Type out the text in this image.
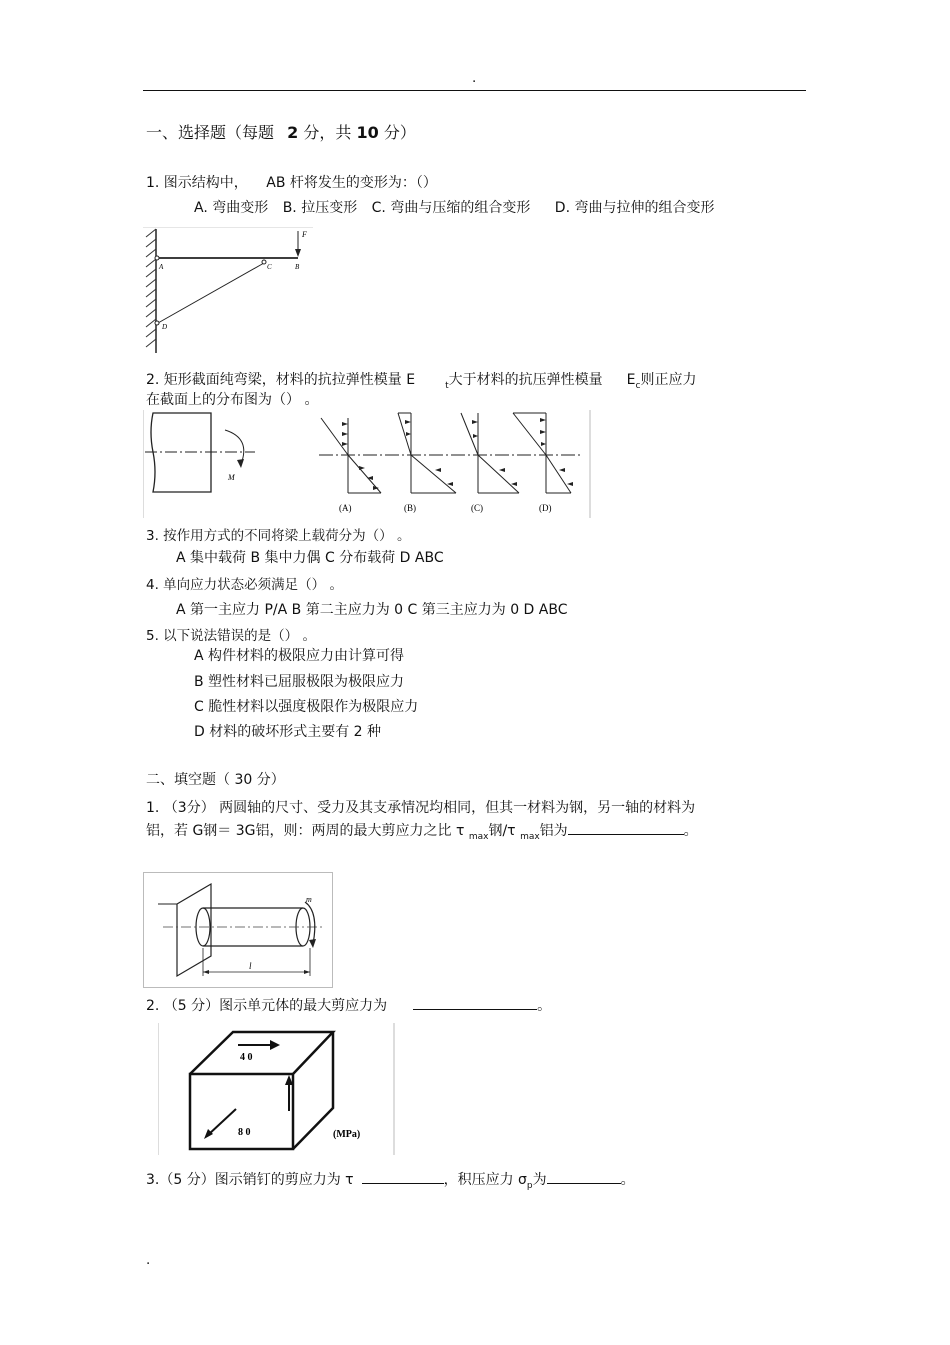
.
一、选择题（每题 2 分，共 10 分）
1. 图示结构中， AB 杆将发生的变形为：（）
A. 弯曲变形 B. 拉压变形 C. 弯曲与压缩的组合变形 D. 弯曲与拉伸的组合变形
F
A	B
C
D
2. 矩形截面纯弯梁，材料的抗拉弹性模量 E	$_t$大于材料的抗压弹性模量 $E_c$则正应力
在截面上的分布图为（） 。
M
(A)	(B)	(C)	(D)
3. 按作用方式的不同将梁上载荷分为（） 。
A 集中载荷 B 集中力偶 C 分布载荷 D ABC
4. 单向应力状态必须满足（） 。
A 第一主应力 P/A B 第二主应力为 0 C 第三主应力为 0 D ABC
5. 以下说法错误的是（） 。
A 构件材料的极限应力由计算可得
B 塑性材料已屈服极限为极限应力
C 脆性材料以强度极限作为极限应力
D 材料的破坏形式主要有 2 种
二、填空题（ 30 分）
1. （3分） 两圆轴的尺寸、受力及其支承情况均相同，但其一材料为钢，另一轴的材料为
铝，若 G钢＝ 3G铝，则：两周的最大剪应力之比 τ $_{max}$钢/τ $_{max}$铝为	。
m
l
2. （5 分）图示单元体的最大剪应力为	。
4 0
8 0	(MPa)
3.（5 分）图示销钉的剪应力为 τ	，积压应力 $\sigma_p$为	。
.
